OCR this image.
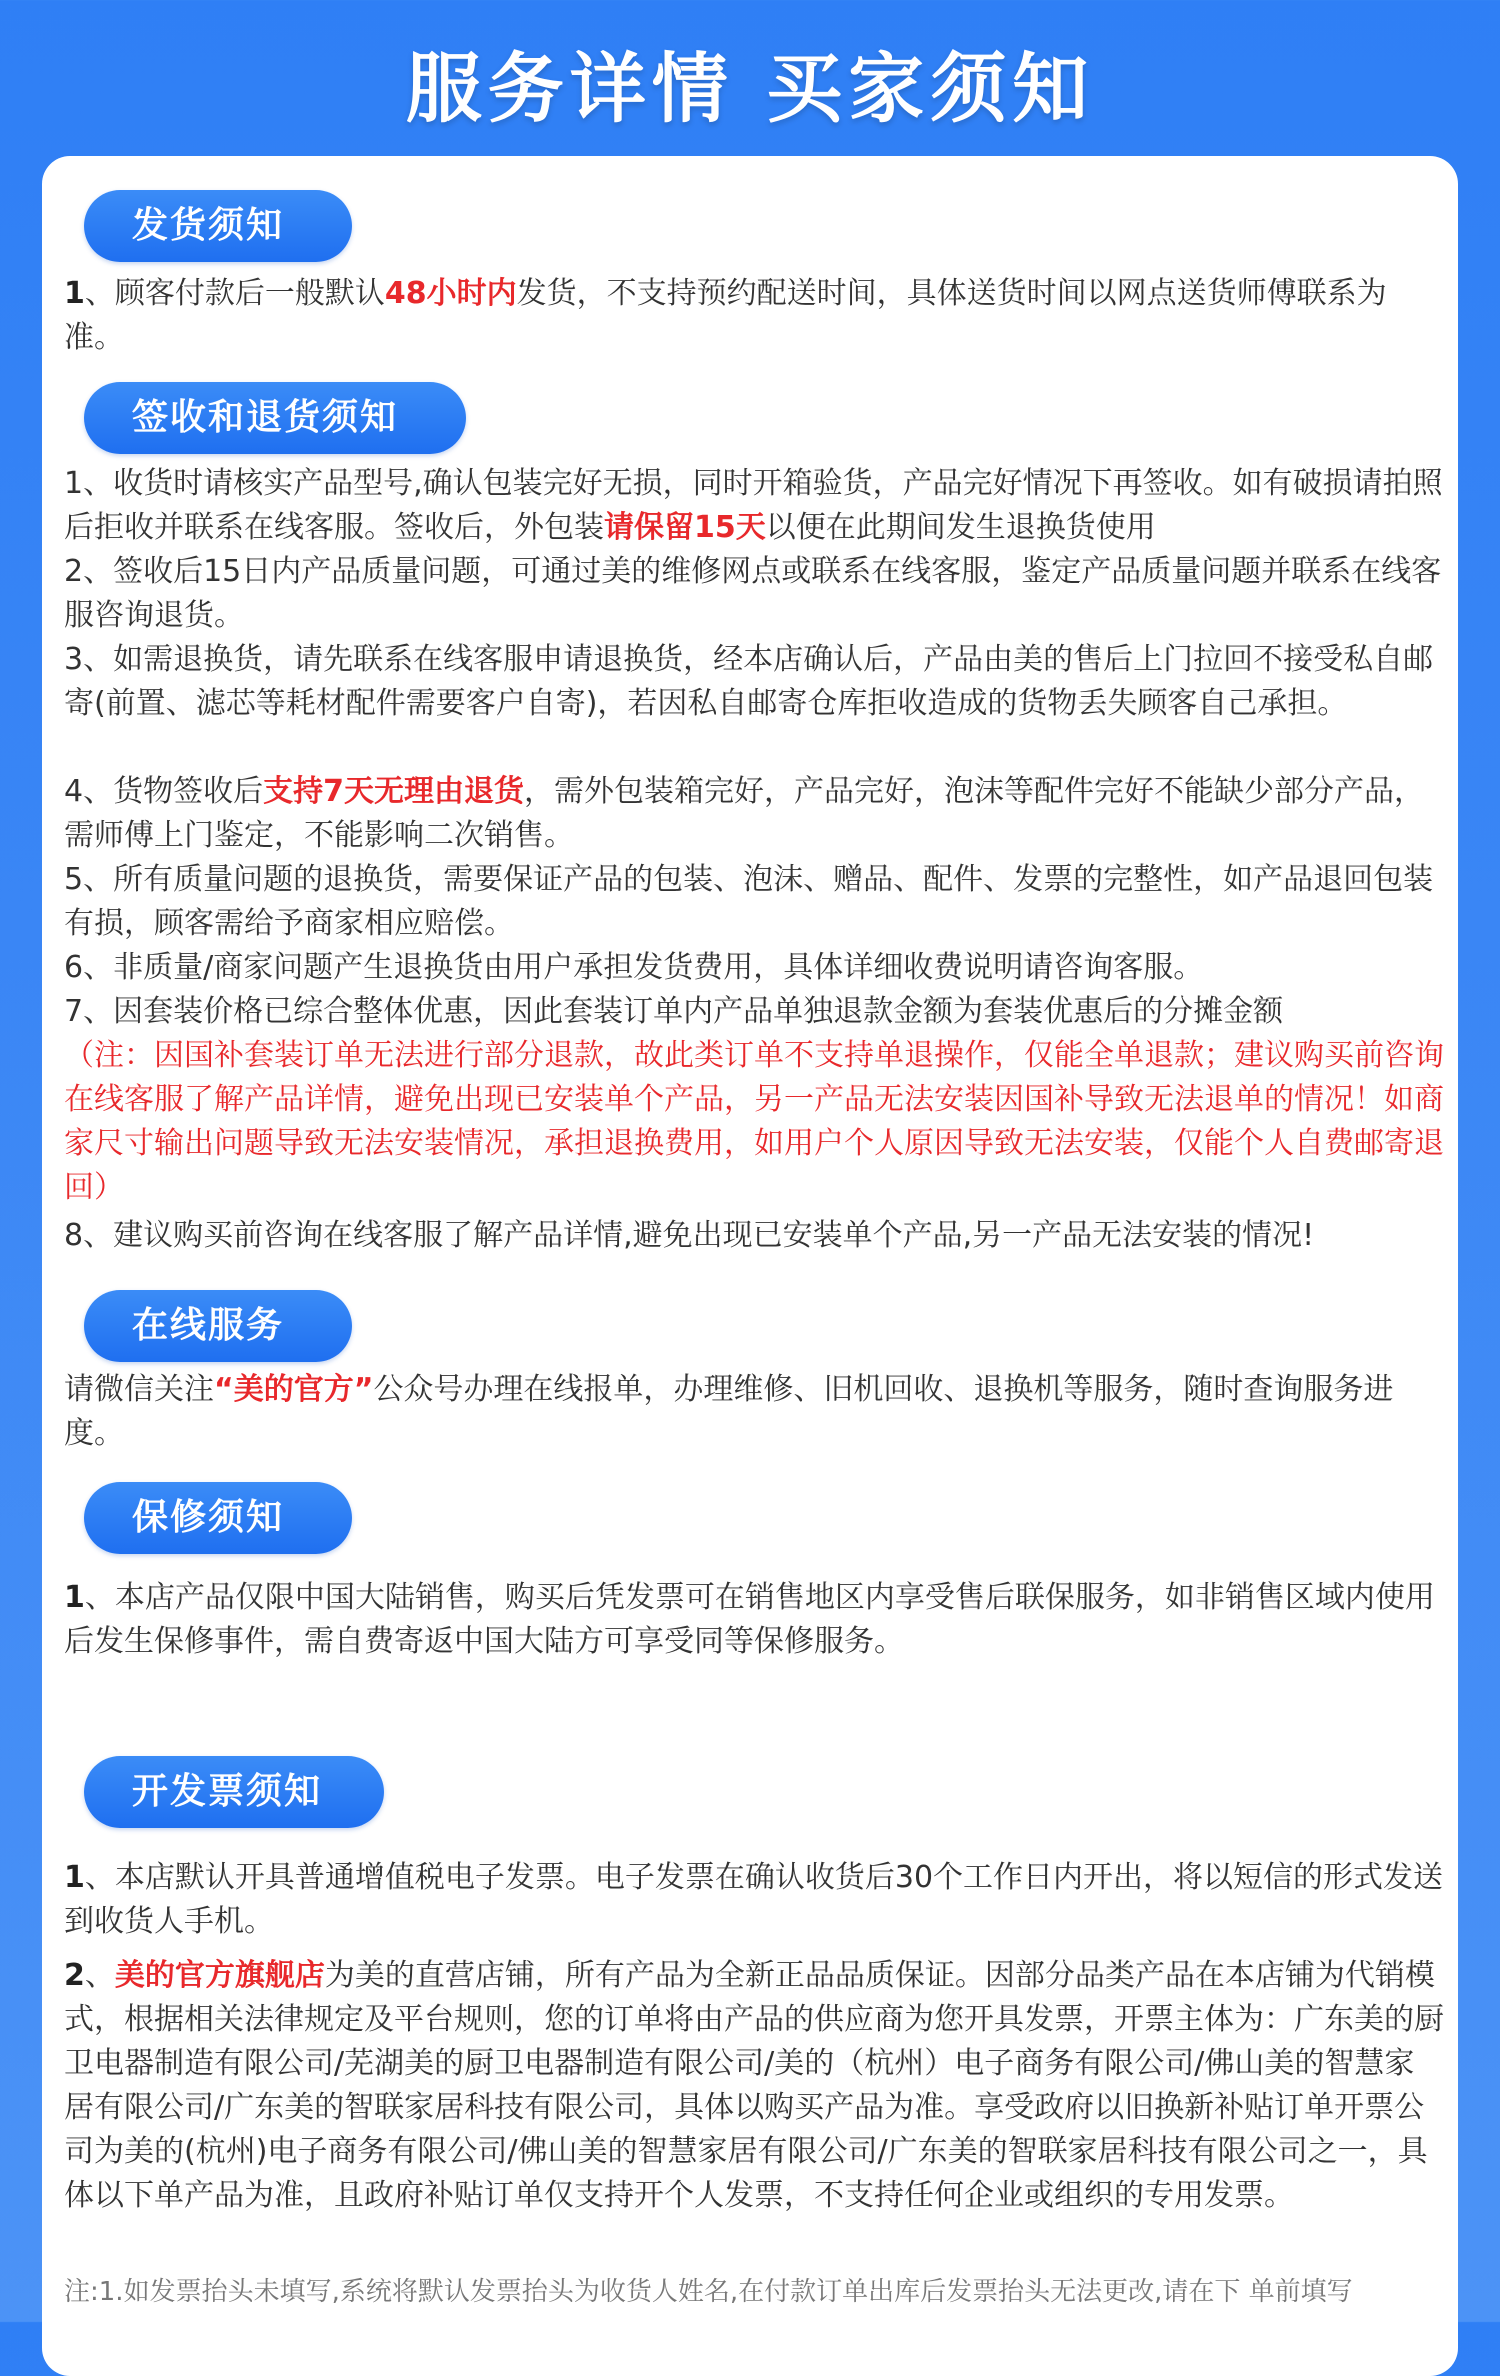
服务详情 买家须知
发货须知
1、顾客付款后一般默认48小时内发货，不支持预约配送时间，具体送货时间以网点送货师傅联系为准。
签收和退货须知
1、收货时请核实产品型号,确认包装完好无损，同时开箱验货，产品完好情况下再签收。如有破损请拍照后拒收并联系在线客服。签收后，外包装请保留15天以便在此期间发生退换货使用
2、签收后15日内产品质量问题，可通过美的维修网点或联系在线客服，鉴定产品质量问题并联系在线客服咨询退货。
3、如需退换货，请先联系在线客服申请退换货，经本店确认后，产品由美的售后上门拉回不接受私自邮寄(前置、滤芯等耗材配件需要客户自寄)，若因私自邮寄仓库拒收造成的货物丢失顾客自己承担。
4、货物签收后支持7天无理由退货，需外包装箱完好，产品完好，泡沫等配件完好不能缺少部分产品，需师傅上门鉴定，不能影响二次销售。
5、所有质量问题的退换货，需要保证产品的包装、泡沫、赠品、配件、发票的完整性，如产品退回包装有损，顾客需给予商家相应赔偿。
6、非质量/商家问题产生退换货由用户承担发货费用，具体详细收费说明请咨询客服。
7、因套装价格已综合整体优惠，因此套装订单内产品单独退款金额为套装优惠后的分摊金额
（注：因国补套装订单无法进行部分退款，故此类订单不支持单退操作，仅能全单退款；建议购买前咨询在线客服了解产品详情，避免出现已安装单个产品，另一产品无法安装因国补导致无法退单的情况！如商家尺寸输出问题导致无法安装情况，承担退换费用，如用户个人原因导致无法安装，仅能个人自费邮寄退回）
8、建议购买前咨询在线客服了解产品详情,避免出现已安装单个产品,另一产品无法安装的情况!
在线服务
请微信关注“美的官方”公众号办理在线报单，办理维修、旧机回收、退换机等服务，随时查询服务进度。
保修须知
1、本店产品仅限中国大陆销售，购买后凭发票可在销售地区内享受售后联保服务，如非销售区域内使用后发生保修事件，需自费寄返中国大陆方可享受同等保修服务。
开发票须知
1、本店默认开具普通增值税电子发票。电子发票在确认收货后30个工作日内开出，将以短信的形式发送到收货人手机。
2、美的官方旗舰店为美的直营店铺，所有产品为全新正品品质保证。因部分品类产品在本店铺为代销模式，根据相关法律规定及平台规则，您的订单将由产品的供应商为您开具发票，开票主体为：广东美的厨卫电器制造有限公司/芜湖美的厨卫电器制造有限公司/美的（杭州）电子商务有限公司/佛山美的智慧家居有限公司/广东美的智联家居科技有限公司，具体以购买产品为准。享受政府以旧换新补贴订单开票公司为美的(杭州)电子商务有限公司/佛山美的智慧家居有限公司/广东美的智联家居科技有限公司之一，具体以下单产品为准，且政府补贴订单仅支持开个人发票，不支持任何企业或组织的专用发票。
注:1.如发票抬头未填写,系统将默认发票抬头为收货人姓名,在付款订单出库后发票抬头无法更改,请在下 单前填写
